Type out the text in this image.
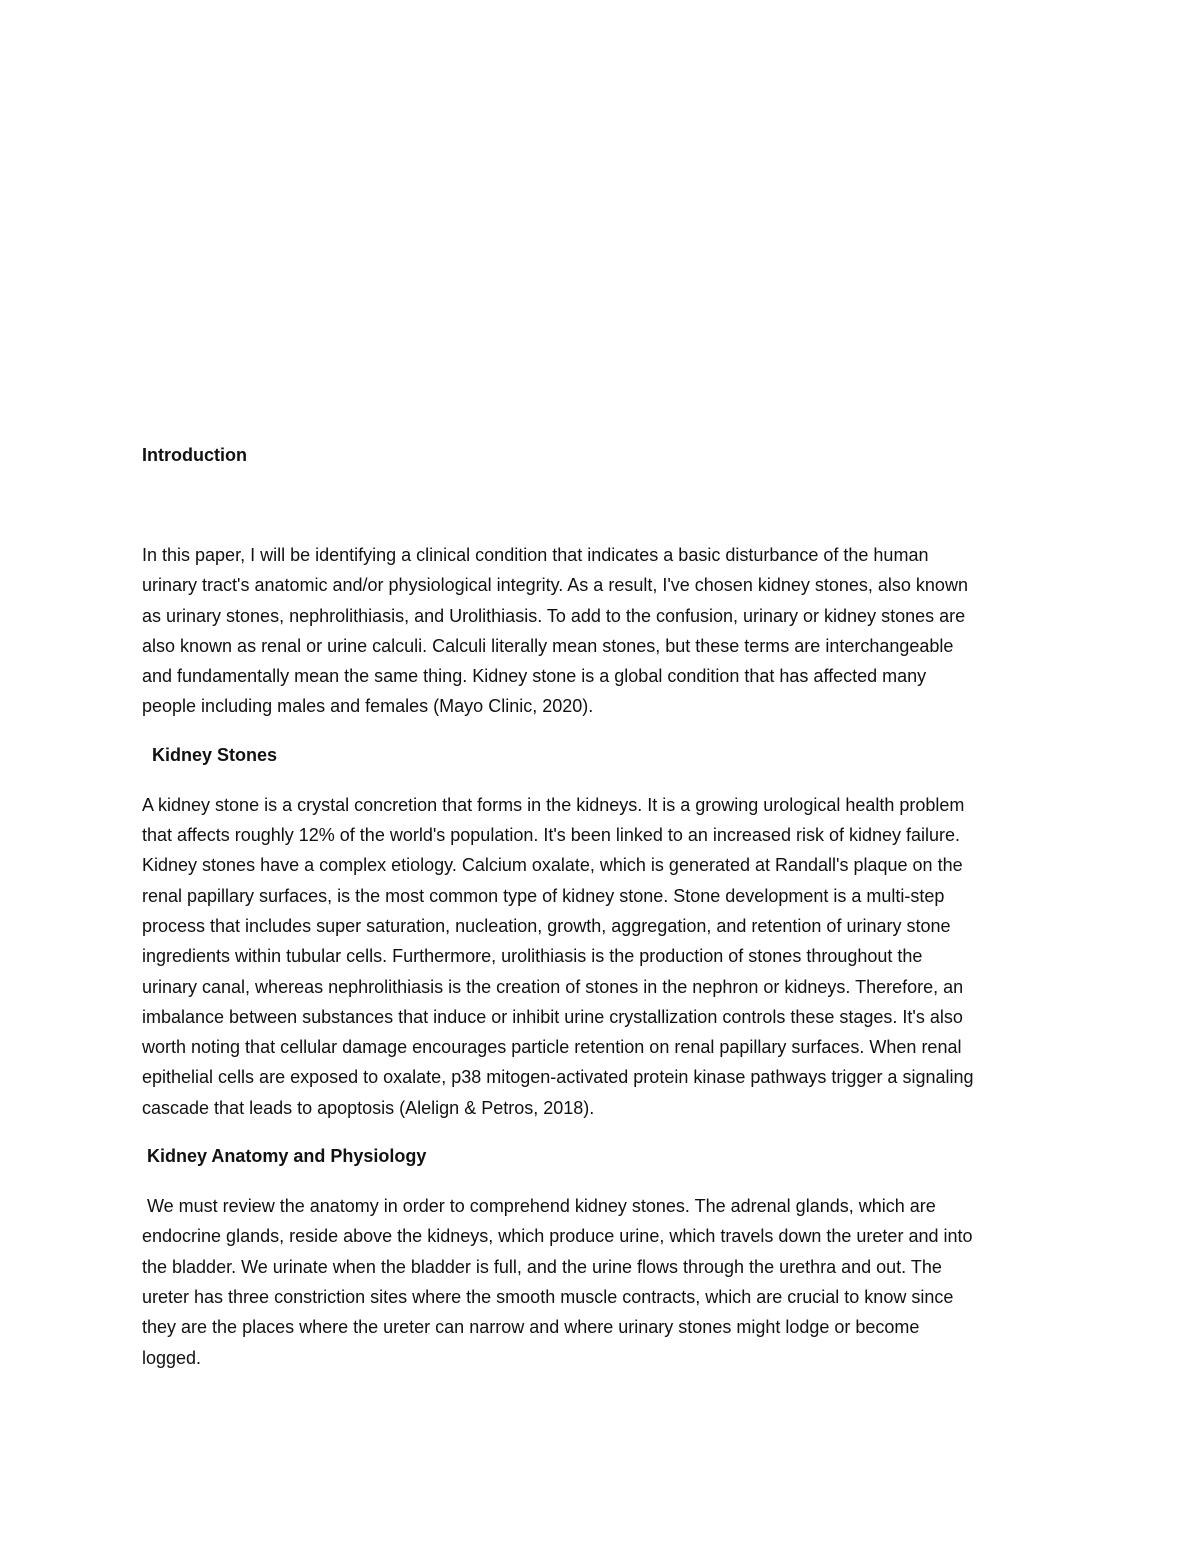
Introduction

In this paper, I will be identifying a clinical condition that indicates a basic disturbance of the human
urinary tract's anatomic and/or physiological integrity. As a result, I've chosen kidney stones, also known
as urinary stones, nephrolithiasis, and Urolithiasis. To add to the confusion, urinary or kidney stones are
also known as renal or urine calculi. Calculi literally mean stones, but these terms are interchangeable
and fundamentally mean the same thing. Kidney stone is a global condition that has affected many
people including males and females (Mayo Clinic, 2020).

Kidney Stones

A kidney stone is a crystal concretion that forms in the kidneys. It is a growing urological health problem
that affects roughly 12% of the world's population. It's been linked to an increased risk of kidney failure.
Kidney stones have a complex etiology. Calcium oxalate, which is generated at Randall's plaque on the
renal papillary surfaces, is the most common type of kidney stone. Stone development is a multi-step
process that includes super saturation, nucleation, growth, aggregation, and retention of urinary stone
ingredients within tubular cells. Furthermore, urolithiasis is the production of stones throughout the
urinary canal, whereas nephrolithiasis is the creation of stones in the nephron or kidneys. Therefore, an
imbalance between substances that induce or inhibit urine crystallization controls these stages. It's also
worth noting that cellular damage encourages particle retention on renal papillary surfaces. When renal
epithelial cells are exposed to oxalate, p38 mitogen-activated protein kinase pathways trigger a signaling
cascade that leads to apoptosis (Alelign & Petros, 2018).

Kidney Anatomy and Physiology

We must review the anatomy in order to comprehend kidney stones. The adrenal glands, which are
endocrine glands, reside above the kidneys, which produce urine, which travels down the ureter and into
the bladder. We urinate when the bladder is full, and the urine flows through the urethra and out. The
ureter has three constriction sites where the smooth muscle contracts, which are crucial to know since
they are the places where the ureter can narrow and where urinary stones might lodge or become
logged.
